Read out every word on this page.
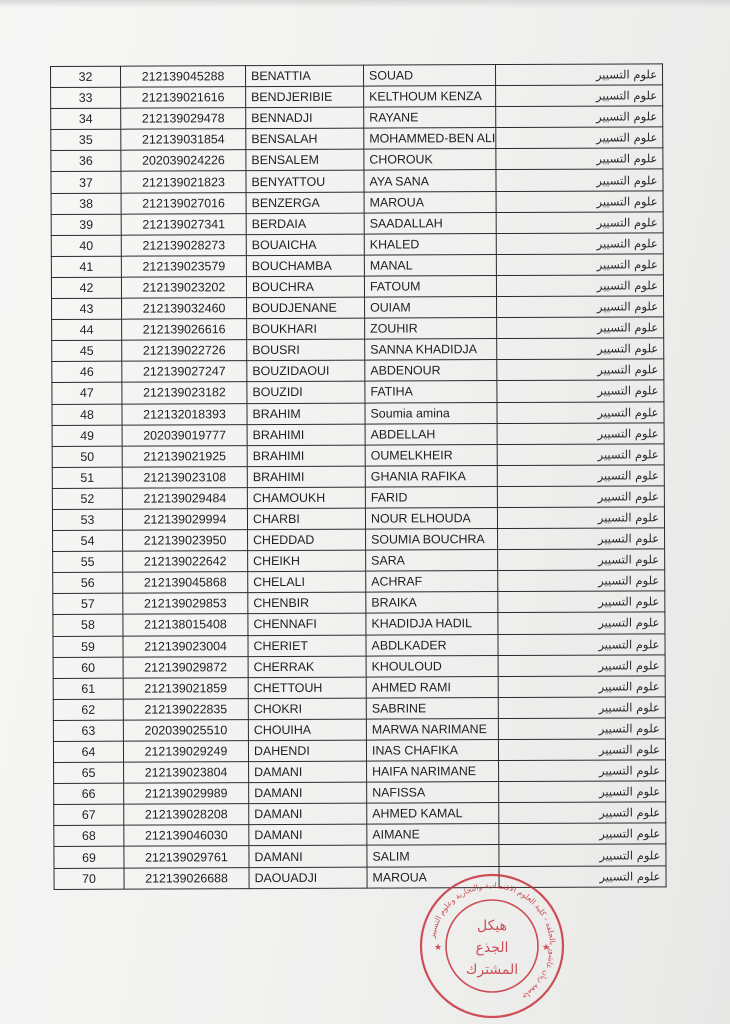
32	212139045288	BENATTIA	SOUAD	علوم التسيير
33	212139021616	BENDJERIBIE	KELTHOUM KENZA	علوم التسيير
34	212139029478	BENNADJI	RAYANE	علوم التسيير
35	212139031854	BENSALAH	MOHAMMED-BEN ALI	علوم التسيير
36	202039024226	BENSALEM	CHOROUK	علوم التسيير
37	212139021823	BENYATTOU	AYA SANA	علوم التسيير
38	212139027016	BENZERGA	MAROUA	علوم التسيير
39	212139027341	BERDAIA	SAADALLAH	علوم التسيير
40	212139028273	BOUAICHA	KHALED	علوم التسيير
41	212139023579	BOUCHAMBA	MANAL	علوم التسيير
42	212139023202	BOUCHRA	FATOUM	علوم التسيير
43	212139032460	BOUDJENANE	OUIAM	علوم التسيير
44	212139026616	BOUKHARI	ZOUHIR	علوم التسيير
45	212139022726	BOUSRI	SANNA KHADIDJA	علوم التسيير
46	212139027247	BOUZIDAOUI	ABDENOUR	علوم التسيير
47	212139023182	BOUZIDI	FATIHA	علوم التسيير
48	212132018393	BRAHIM	Soumia amina	علوم التسيير
49	202039019777	BRAHIMI	ABDELLAH	علوم التسيير
50	212139021925	BRAHIMI	OUMELKHEIR	علوم التسيير
51	212139023108	BRAHIMI	GHANIA RAFIKA	علوم التسيير
52	212139029484	CHAMOUKH	FARID	علوم التسيير
53	212139029994	CHARBI	NOUR ELHOUDA	علوم التسيير
54	212139023950	CHEDDAD	SOUMIA BOUCHRA	علوم التسيير
55	212139022642	CHEIKH	SARA	علوم التسيير
56	212139045868	CHELALI	ACHRAF	علوم التسيير
57	212139029853	CHENBIR	BRAIKA	علوم التسيير
58	212138015408	CHENNAFI	KHADIDJA HADIL	علوم التسيير
59	212139023004	CHERIET	ABDLKADER	علوم التسيير
60	212139029872	CHERRAK	KHOULOUD	علوم التسيير
61	212139021859	CHETTOUH	AHMED RAMI	علوم التسيير
62	212139022835	CHOKRI	SABRINE	علوم التسيير
63	202039025510	CHOUIHA	MARWA NARIMANE	علوم التسيير
64	212139029249	DAHENDI	INAS CHAFIKA	علوم التسيير
65	212139023804	DAMANI	HAIFA NARIMANE	علوم التسيير
66	212139029989	DAMANI	NAFISSA	علوم التسيير
67	212139028208	DAMANI	AHMED KAMAL	علوم التسيير
68	212139046030	DAMANI	AIMANE	علوم التسيير
69	212139029761	DAMANI	SALIM	علوم التسيير
70	212139026688	DAOUADJI	MAROUA	علوم التسيير
جامعة زيان عاشور بالجلفة - كلية العلوم الاقتصادية والتجارية وعلوم التسيير
هيكل
الجذع
المشترك
★	★
